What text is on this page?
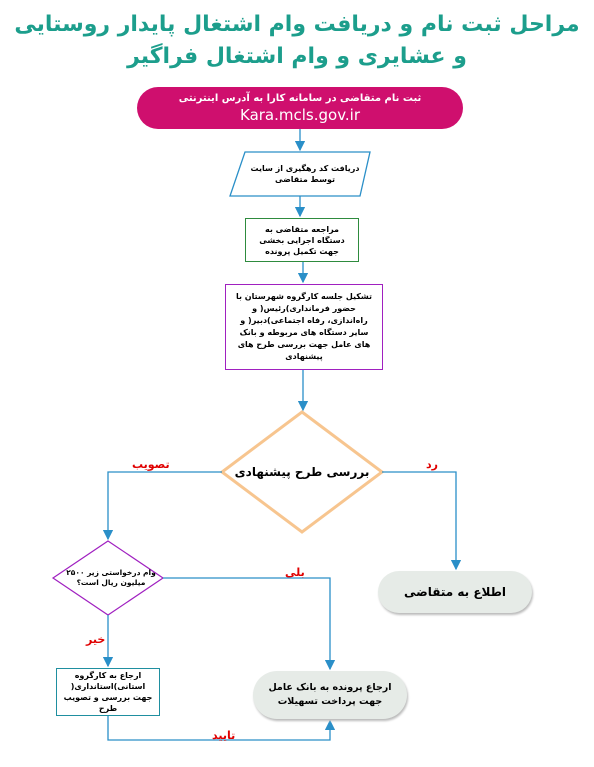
مراحل ثبت نام و دریافت وام اشتغال پایدار روستایی
و عشایری و وام اشتغال فراگیر
ثبت نام متقاضی در سامانه کارا به آدرس اینترنتی
Kara.mcls.gov.ir
دریافت کد رهگیری از سایت توسط متقاضی
مراجعه متقاضی به دستگاه اجرایی بخشی جهت تکمیل پرونده
تشکیل جلسه کارگروه شهرستان با حضور فرمانداری)رئیس( و راه‌اندازی، رفاه اجتماعی)دبیر( و سایر دستگاه های مربوطه و بانک های عامل جهت بررسی طرح های پیشنهادی
بررسی طرح پیشنهادی
وام درخواستی زیر ۲۵۰۰ میلیون ریال است؟
اطلاع به متقاضی
ارجاع به کارگروه استانی)استانداری( جهت بررسی و تصویب طرح
ارجاع پرونده به بانک عامل جهت پرداخت تسهیلات
تصویب	رد
بلی
خیر
تایید
